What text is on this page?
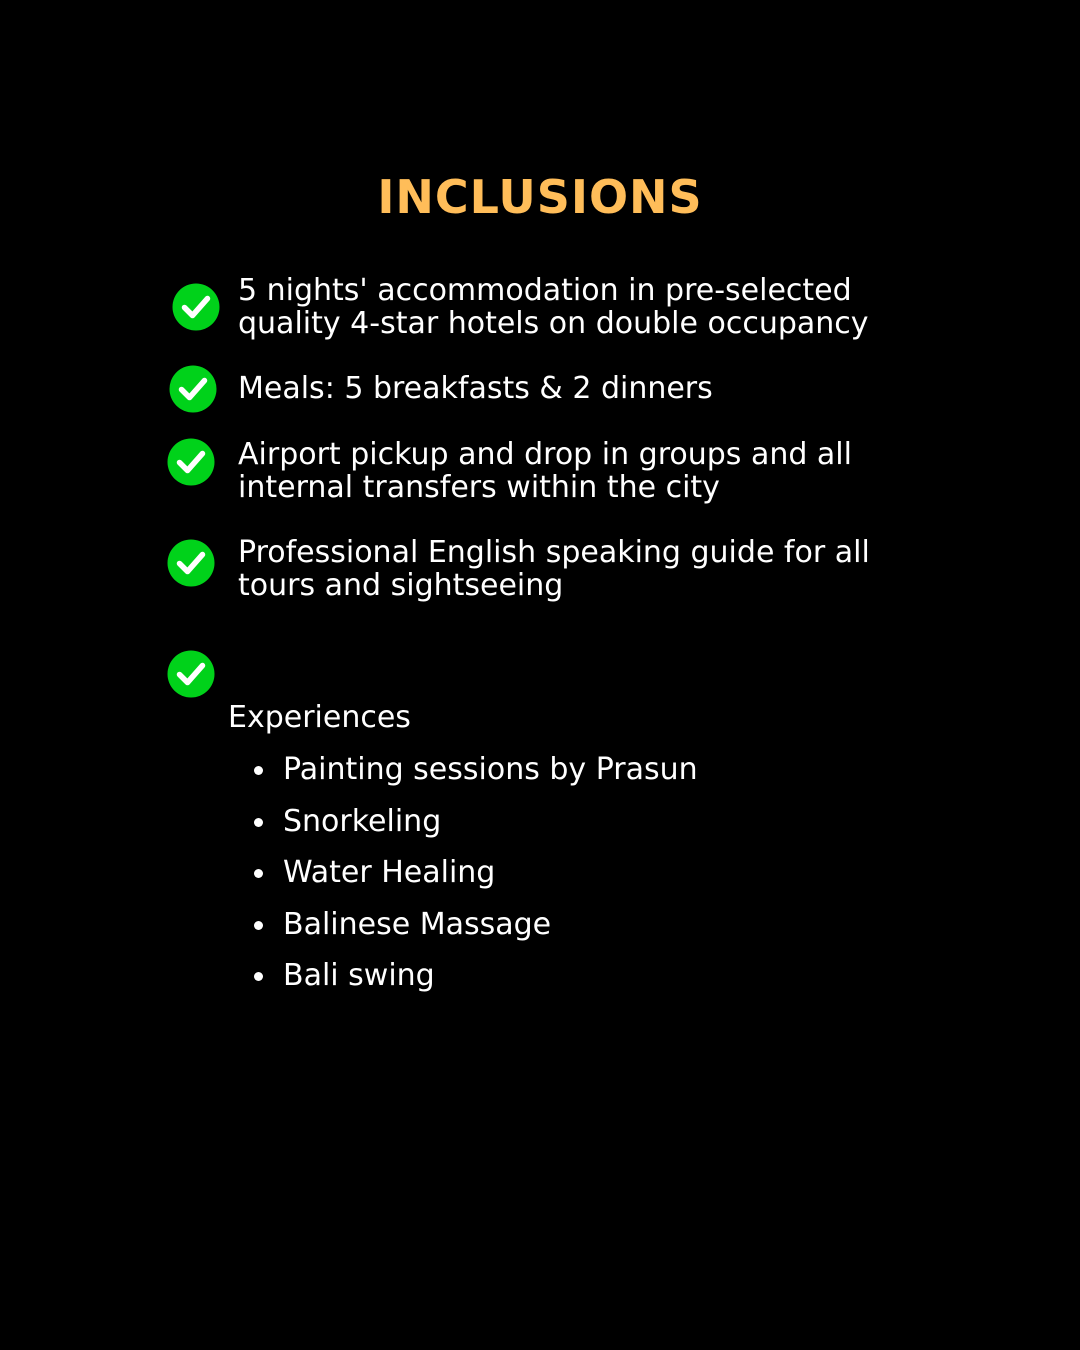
INCLUSIONS
5 nights' accommodation in pre-selected
quality 4-star hotels on double occupancy
Meals: 5 breakfasts & 2 dinners
Airport pickup and drop in groups and all
internal transfers within the city
Professional English speaking guide for all
tours and sightseeing
Experiences
Painting sessions by Prasun
Snorkeling
Water Healing
Balinese Massage
Bali swing
